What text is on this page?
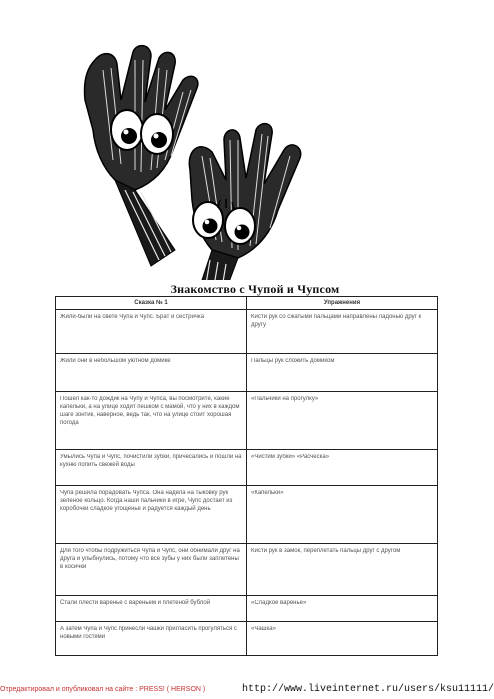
Знакомство с Чупой и Чупсом
Сказка № 1	Упражнения

Жили-были на свете Чупа и Чупс. Брат и сестричка	Кисти рук со сжатыми пальцами направлены ладонью друг к другу

Жили они в небольшом уютном домике	Пальцы рук сложить домиком

Пошел как-то дождик на Чупу и Чупса, вы посмотрите, какие капельки, а на улице ходит пешком с мамой, что у них в каждом шаге зонтик, наверное, ведь так, что на улице стоит хорошая погода	«Пальчики на прогулку»

Умылись Чупа и Чупс, почистили зубки, причесались и пошли на кухню попить свежей воды	«Чистим зубки» «Расческа»

Чупа решила порадовать Чупса. Она надела на тыковку рук зеленое кольцо. Когда наши пальчики в игре, Чупс достает из коробочки сладкое угощенье и радуется каждый день	«Капельки»

Для того чтобы подружиться Чупа и Чупс, они обнимали друг на друга и улыбнулись, потому что все зубы у них были заплетены в косички	Кисти рук в замок, переплетать пальцы друг с другом

Стали плести варенье с вареньем и плетеной бублой	«Сладкое варенье»

А затем Чупа и Чупс принесли чашки пригласить прогуляться с новыми гостями	«Чашка»
Отредактировал и опубликовал на сайте : PRESS! ( HERSON )	http://www.liveinternet.ru/users/ksu11111/
